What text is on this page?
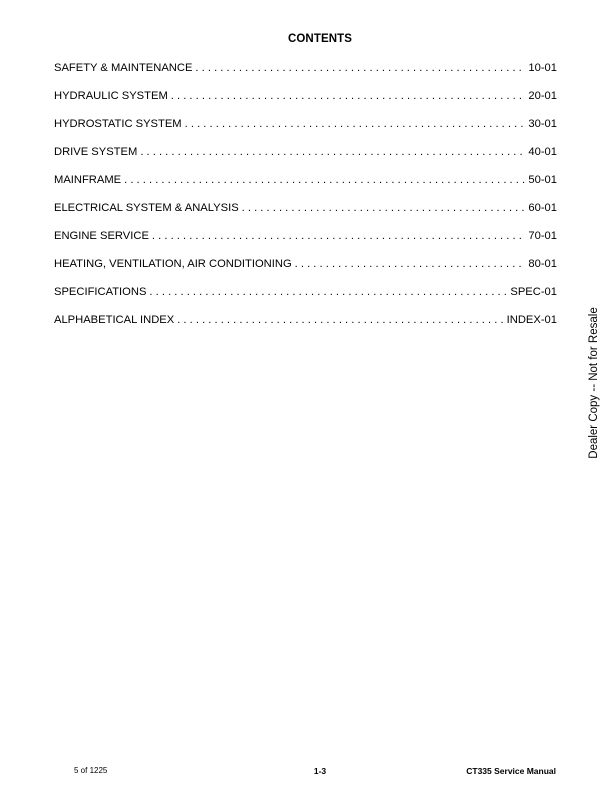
CONTENTS
SAFETY & MAINTENANCE . . .	10-01
HYDRAULIC SYSTEM . . .	20-01
HYDROSTATIC SYSTEM . . .	30-01
DRIVE SYSTEM . . .	40-01
MAINFRAME . . .	50-01
ELECTRICAL SYSTEM & ANALYSIS . . .	60-01
ENGINE SERVICE . . .	70-01
HEATING, VENTILATION, AIR CONDITIONING . . .	80-01
SPECIFICATIONS . . .	SPEC-01
ALPHABETICAL INDEX . . .	INDEX-01	Dealer Copy -- Not for Resale
5 of 1225	1-3	CT335 Service Manual
